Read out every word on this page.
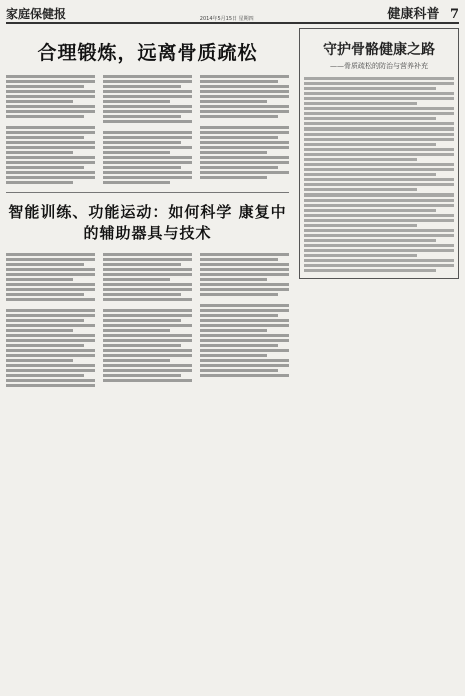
家庭保健报	2014年5月15日 星期四	健康科普 7
合理锻炼，远离骨质疏松
智能训练、功能运动：如何科学 康复中的辅助器具与技术
守护骨骼健康之路
——骨质疏松的防治与营养补充
